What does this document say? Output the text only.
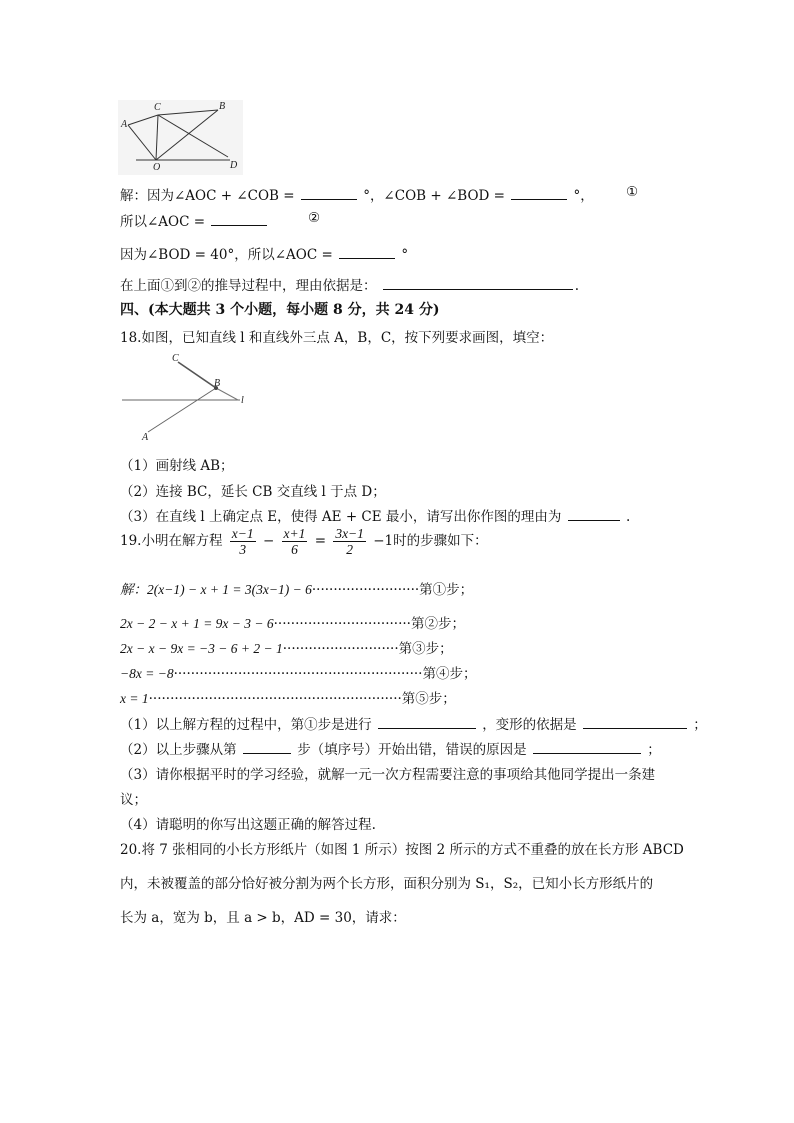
C	B
A
O	D
解：因为∠AOC + ∠COB =	°，∠COB + ∠BOD =	°， ①
所以∠AOC =	②
因为∠BOD = 40°，所以∠AOC =	°
在上面①到②的推导过程中，理由依据是：	.
四、(本大题共 3 个小题，每小题 8 分，共 24 分)
18.如图，已知直线 l 和直线外三点 A，B，C，按下列要求画图，填空：
C
B
l
A
（1）画射线 AB；
（2）连接 BC，延长 CB 交直线 l 于点 D；
（3）在直线 l 上确定点 E，使得 AE + CE 最小，请写出你作图的理由为	.
19.小明在解方程 $\frac{x-1}{3} - \frac{x+1}{6} = \frac{3x-1}{2} -1$时的步骤如下：
解：2(x−1) − x + 1 = 3(3x−1) − 6·························第①步；
2x − 2 − x + 1 = 9x − 3 − 6································第②步；
2x − x − 9x = −3 − 6 + 2 − 1···························第③步；
−8x = −8··························································第④步；
x = 1···························································第⑤步；
（1）以上解方程的过程中，第①步是进行	，变形的依据是	；
（2）以上步骤从第	步（填序号）开始出错，错误的原因是	；
（3）请你根据平时的学习经验，就解一元一次方程需要注意的事项给其他同学提出一条建
议；
（4）请聪明的你写出这题正确的解答过程.
20.将 7 张相同的小长方形纸片（如图 1 所示）按图 2 所示的方式不重叠的放在长方形 ABCD
内，未被覆盖的部分恰好被分割为两个长方形，面积分别为 S₁，S₂，已知小长方形纸片的
长为 a，宽为 b，且 a > b，AD = 30，请求：
